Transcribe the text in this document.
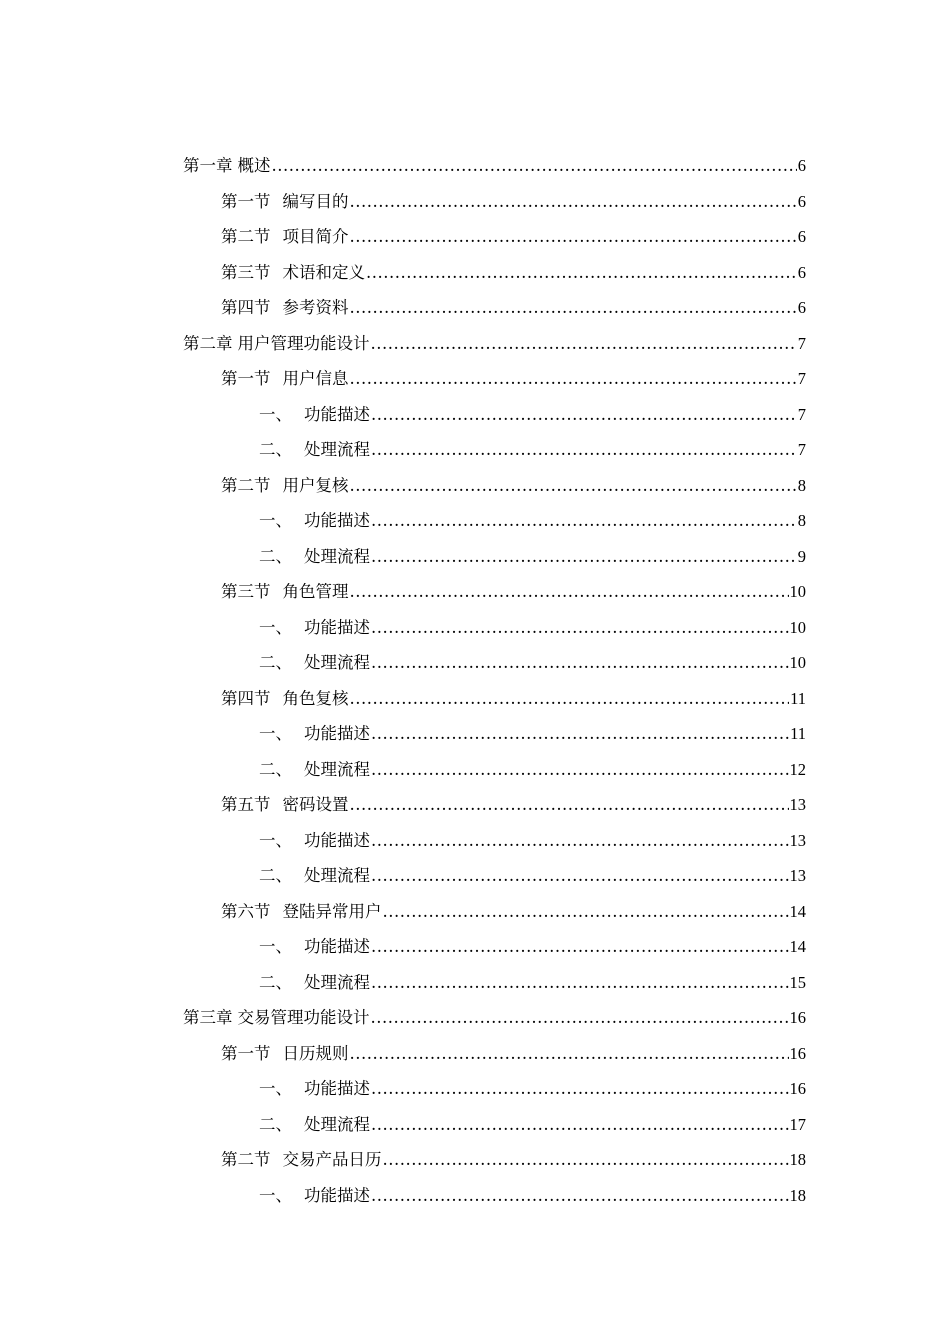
第一章 概述 .....	6
第一节 编写目的 .....	6
第二节 项目简介 .....	6
第三节 术语和定义 .....	6
第四节 参考资料 .....	6
第二章 用户管理功能设计 .....	7
第一节 用户信息 .....	7
一、 功能描述 .....	7
二、 处理流程 .....	7
第二节 用户复核 .....	8
一、 功能描述 .....	8
二、 处理流程 .....	9
第三节 角色管理 .....	10
一、 功能描述 .....	10
二、 处理流程 .....	10
第四节 角色复核 .....	11
一、 功能描述 .....	11
二、 处理流程 .....	12
第五节 密码设置 .....	13
一、 功能描述 .....	13
二、 处理流程 .....	13
第六节 登陆异常用户 .....	14
一、 功能描述 .....	14
二、 处理流程 .....	15
第三章 交易管理功能设计 .....	16
第一节 日历规则 .....	16
一、 功能描述 .....	16
二、 处理流程 .....	17
第二节 交易产品日历 .....	18
一、 功能描述 .....	18
